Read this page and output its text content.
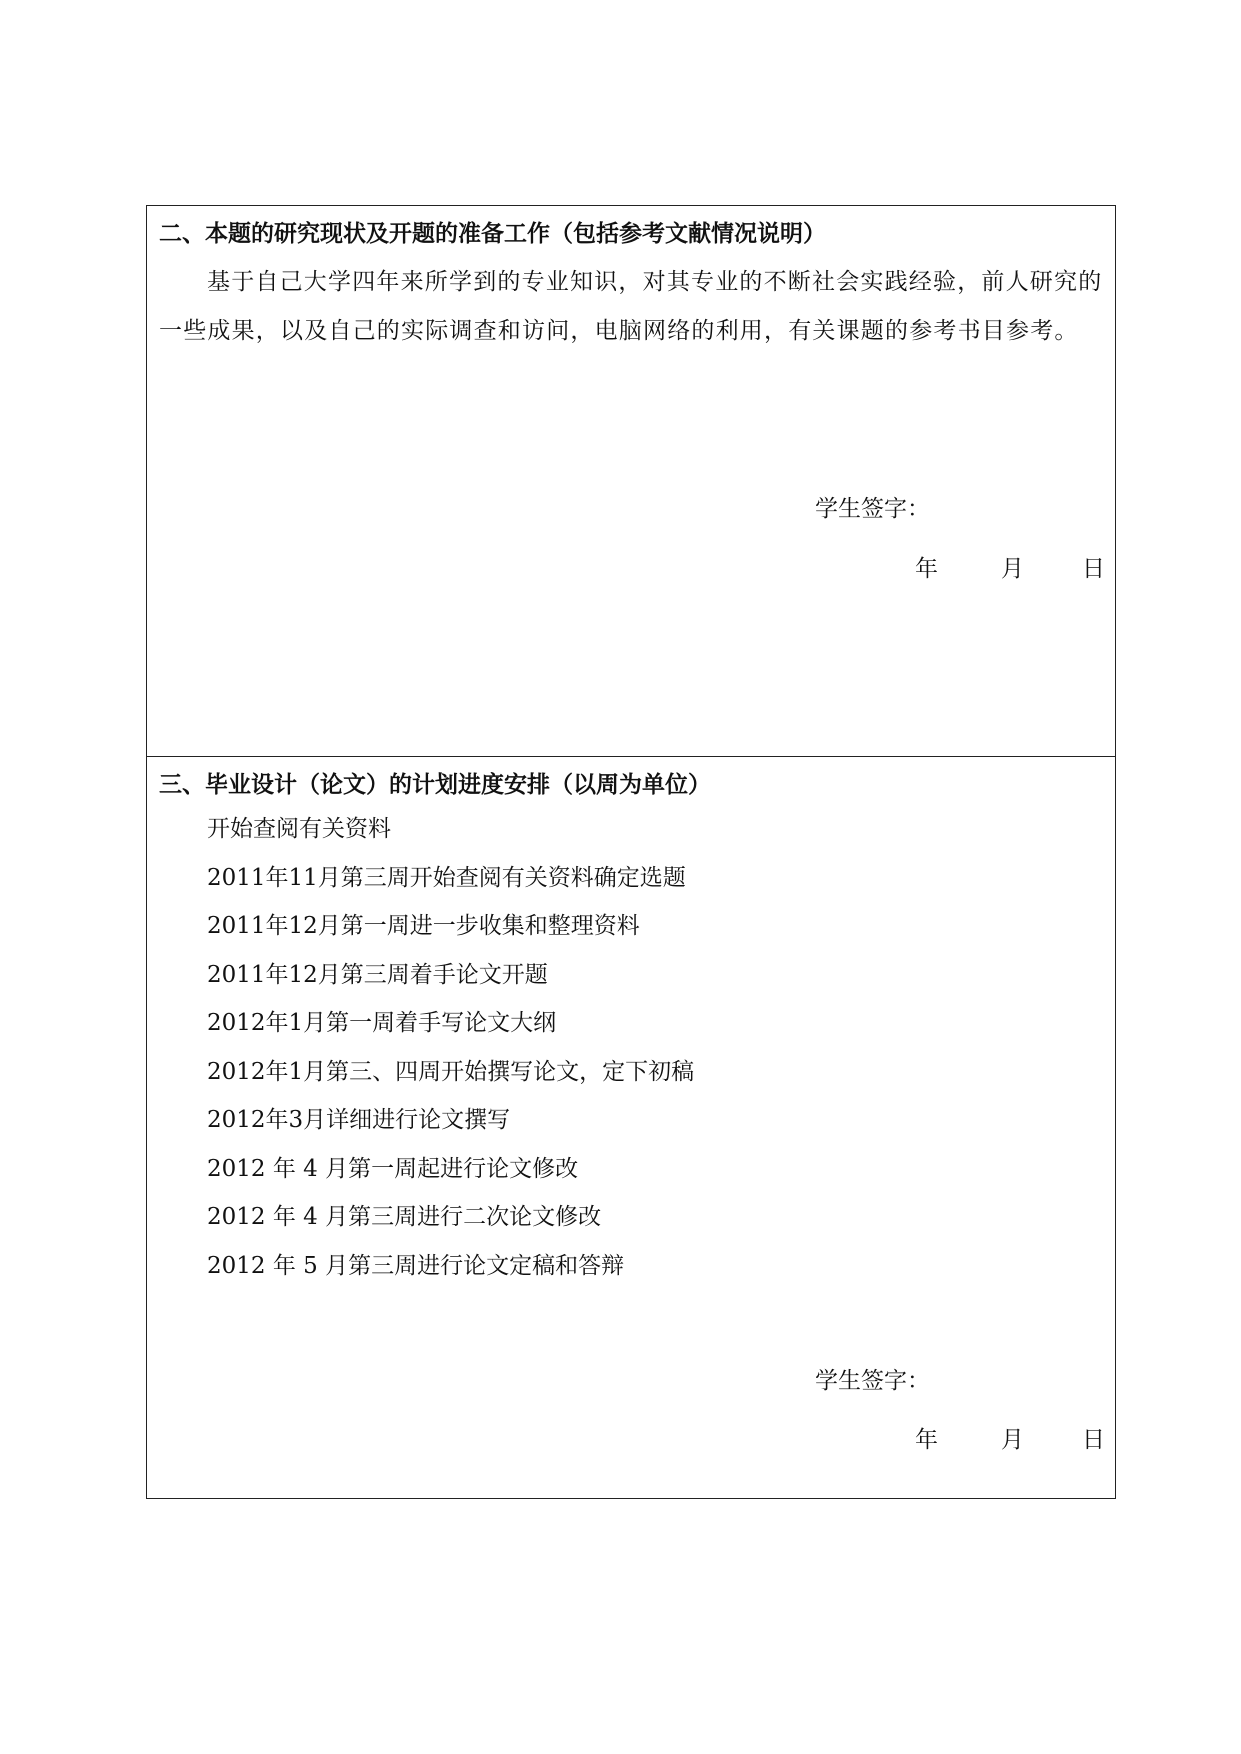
二、本题的研究现状及开题的准备工作（包括参考文献情况说明）
基于自己大学四年来所学到的专业知识，对其专业的不断社会实践经验，前人研究的一些成果，以及自己的实际调查和访问，电脑网络的利用，有关课题的参考书目参考。
学生签字：
年	月	日
三、毕业设计（论文）的计划进度安排（以周为单位）
开始查阅有关资料
2011年11月第三周开始查阅有关资料确定选题
2011年12月第一周进一步收集和整理资料
2011年12月第三周着手论文开题
2012年1月第一周着手写论文大纲
2012年1月第三、四周开始撰写论文，定下初稿
2012年3月详细进行论文撰写
2012 年 4 月第一周起进行论文修改
2012 年 4 月第三周进行二次论文修改
2012 年 5 月第三周进行论文定稿和答辩
学生签字：
年	月	日
